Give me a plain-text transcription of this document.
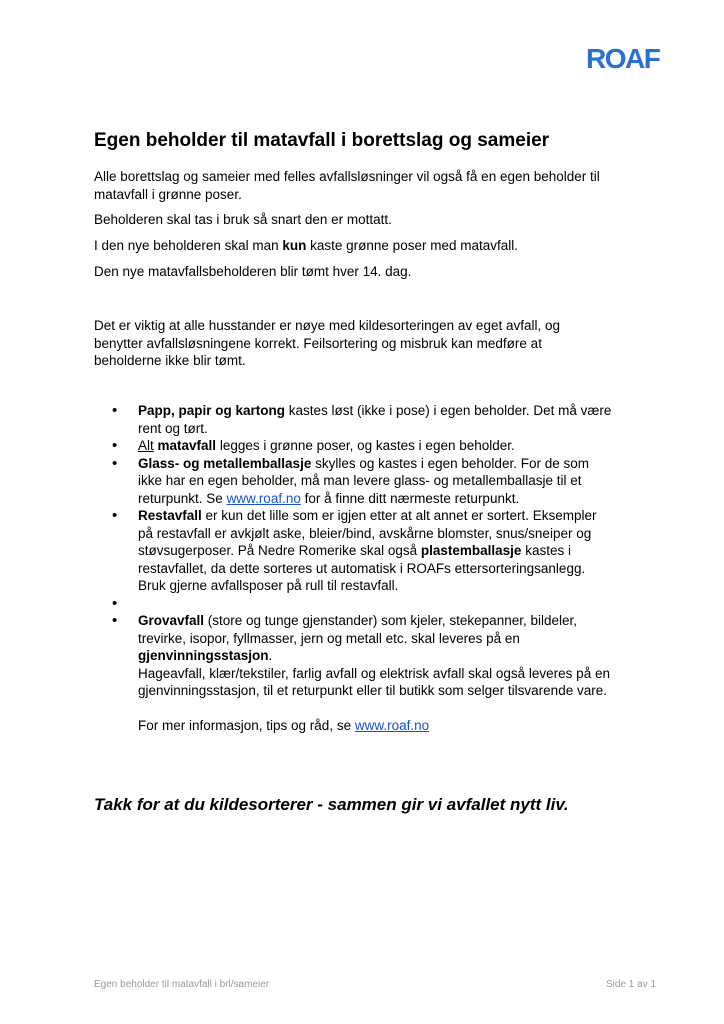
ROAF
Egen beholder til matavfall i borettslag og sameier

Alle borettslag og sameier med felles avfallsløsninger vil også få en egen beholder til matavfall i grønne poser.

Beholderen skal tas i bruk så snart den er mottatt.

I den nye beholderen skal man kun kaste grønne poser med matavfall.

Den nye matavfallsbeholderen blir tømt hver 14. dag.

Det er viktig at alle husstander er nøye med kildesorteringen av eget avfall, og benytter avfallsløsningene korrekt. Feilsortering og misbruk kan medføre at beholderne ikke blir tømt.

• Papp, papir og kartong kastes løst (ikke i pose) i egen beholder. Det må være rent og tørt.
• Alt matavfall legges i grønne poser, og kastes i egen beholder.
• Glass- og metallemballasje skylles og kastes i egen beholder. For de som ikke har en egen beholder, må man levere glass- og metallemballasje til et returpunkt. Se www.roaf.no for å finne ditt nærmeste returpunkt.
• Restavfall er kun det lille som er igjen etter at alt annet er sortert. Eksempler på restavfall er avkjølt aske, bleier/bind, avskårne blomster, snus/sneiper og støvsugerposer. På Nedre Romerike skal også plastemballasje kastes i restavfallet, da dette sorteres ut automatisk i ROAFs ettersorteringsanlegg. Bruk gjerne avfallsposer på rull til restavfall.
•
• Grovavfall (store og tunge gjenstander) som kjeler, stekepanner, bildeler, trevirke, isopor, fyllmasser, jern og metall etc. skal leveres på en gjenvinningsstasjon.
Hageavfall, klær/tekstiler, farlig avfall og elektrisk avfall skal også leveres på en gjenvinningsstasjon, til et returpunkt eller til butikk som selger tilsvarende vare.

For mer informasjon, tips og råd, se www.roaf.no
Takk for at du kildesorterer - sammen gir vi avfallet nytt liv.
Egen beholder til matavfall i brl/sameier	Side 1 av 1
